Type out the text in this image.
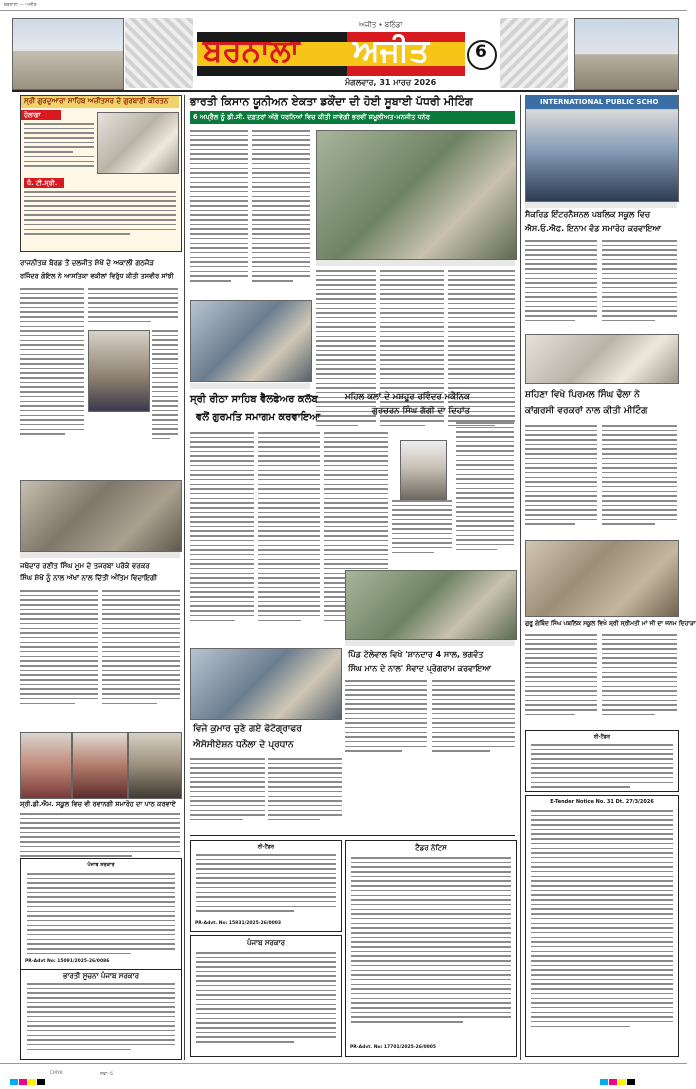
ਬਰਨਾਲਾ — ਅਜੀਤ
ਬਰਨਾਲਾ ਅਜੀਤ
ਅਜੀਤ • ਬਠਿੰਡਾ
ਮੰਗਲਵਾਰ, 31 ਮਾਰਚ 2026
6
ਸ੍ਰੀ ਗੁਰਦੁਆਰਾ ਸਾਹਿਬ ਅਜ਼ੀਤਸਰ ਦੇ ਗੁਰਬਾਣੀ ਕੀਰਤਨ
ਹੋਲਾਗਾ
ਧੰ. ਟੀ.ਸ੍ਰੀ.
ਰਾਜਨੀਤਕ ਬੋਰਡ ਤੋਂ ਦਲਜੀਤ ਸ਼ੇਖੋਂ ਦੇ ਅਕਾਲੀ ਗਠਜੋੜ
ਰਜਿੰਦਰ ਗੋਇਲ ਨੇ ਆਸਤਿਕਾ ਵਕੀਲਾਂ ਵਿਰੁੱਧ ਕੀਤੀ ਤਸਵੀਰ ਸਾਂਝੀ
ਜਥੇਦਾਰ ਰਣੀਤ ਸਿੰਘ ਮੂਮ ਦੇ ਤਜਰਬਾ ਪਰੋਕੇ ਵਰਕਰ
ਸਿੰਘ ਸ਼ੇਖੋਂ ਨੂੰ ਨਾਲ ਅੱਖਾਂ ਨਾਲ ਦਿੱਤੀ ਅੰਤਿਮ ਵਿਦਾਇਗੀ
ਸ਼੍ਰੀ.ਡੀ.ਐਮ. ਸਕੂਲ ਵਿਚ ਵੀ ਰਵਾਨਗੀ ਸਮਾਰੋਹ ਦਾ ਪਾਠ ਕਰਵਾਏ
ਪੰਜਾਬ ਸਰਕਾਰ
PR-Advt No: 15091/2025-26/0086
ਭਾਰਤੀ ਸੂਚਨਾ ਪੰਜਾਬ ਸਰਕਾਰ
ਭਾਰਤੀ ਕਿਸਾਨ ਯੂਨੀਅਨ ਏਕਤਾ ਡਕੌਂਦਾ ਦੀ ਹੋਈ ਸੂਬਾਈ ਪੱਧਰੀ ਮੀਟਿੰਗ
6 ਅਪ੍ਰੈਲ ਨੂੰ ਡੀ.ਸੀ. ਦਫ਼ਤਰਾਂ ਅੱਗੇ ਧਰਨਿਆਂ ਵਿਚ ਕੀਤੀ ਜਾਵੇਗੀ ਭਰਵੀਂ ਸ਼ਮੂਲੀਅਤ-ਮਨਜੀਤ ਧਨੇਰ
ਸ੍ਰੀ ਰੀਠਾ ਸਾਹਿਬ ਵੈੱਲਫੇਅਰ ਕਲੱਬ
ਵਲੋਂ ਗੁਰਮਤਿ ਸਮਾਗਮ ਕਰਵਾਇਆ
ਮਹਿਲ ਕਲਾਂ ਦੇ ਮਸ਼ਹੂਰ ਰਵਿੰਦਰ ਮਕੈਨਿਕ
ਗੁਰਚਰਨ ਸਿੰਘ ਗੱਗੀ ਦਾ ਦਿਹਾਂਤ
ਪਿੰਡ ਟੱਲੇਵਾਲ ਵਿਖੇ 'ਸ਼ਾਨਦਾਰ 4 ਸਾਲ, ਭਗਵੰਤ
ਸਿੰਘ ਮਾਨ ਦੇ ਨਾਲ' ਸੰਵਾਦ ਪ੍ਰੋਗਰਾਮ ਕਰਵਾਇਆ
ਵਿਜੇ ਕੁਮਾਰ ਚੁਣੇ ਗਏ ਫੋਟੋਗ੍ਰਾਫਰ
ਐਸੋਸੀਏਸ਼ਨ ਧਨੌਲਾ ਦੇ ਪ੍ਰਧਾਨ
ਈ-ਟੈਂਡਰ
PR-Advt. No: 15831/2025-26/0003
ਪੰਜਾਬ ਸਰਕਾਰ
ਟੈਂਡਰ ਨੋਟਿਸ
PR-Advt. No: 17701/2025-26/0005
INTERNATIONAL PUBLIC SCHO
ਸੈਕਰਿਡ ਇੰਟਰਨੈਸ਼ਨਲ ਪਬਲਿਕ ਸਕੂਲ ਵਿਚ
ਐਸ.ਓ.ਐਫ. ਇਨਾਮ ਵੰਡ ਸਮਾਰੋਹ ਕਰਵਾਇਆ
ਸ਼ਹਿਣਾ ਵਿਖੇ ਪਿਰਮਲ ਸਿੰਘ ਢੌਲਾ ਨੇ
ਕਾਂਗਰਸੀ ਵਰਕਰਾਂ ਨਾਲ ਕੀਤੀ ਮੀਟਿੰਗ
ਗੁਰੂ ਗੋਬਿੰਦ ਸਿੰਘ ਪਬਲਿਕ ਸਕੂਲ ਵਿਖੇ ਸ਼੍ਰੀ ਸ੍ਰੀਮਤੀ ਮਾਂ ਜੀ ਦਾ ਜਨਮ ਦਿਹਾੜਾ
ਈ-ਟੈਂਡਰ
E-Tender Notice No. 31 Dt. 27/3/2026
CMYK	ਸਫਾ: 6
